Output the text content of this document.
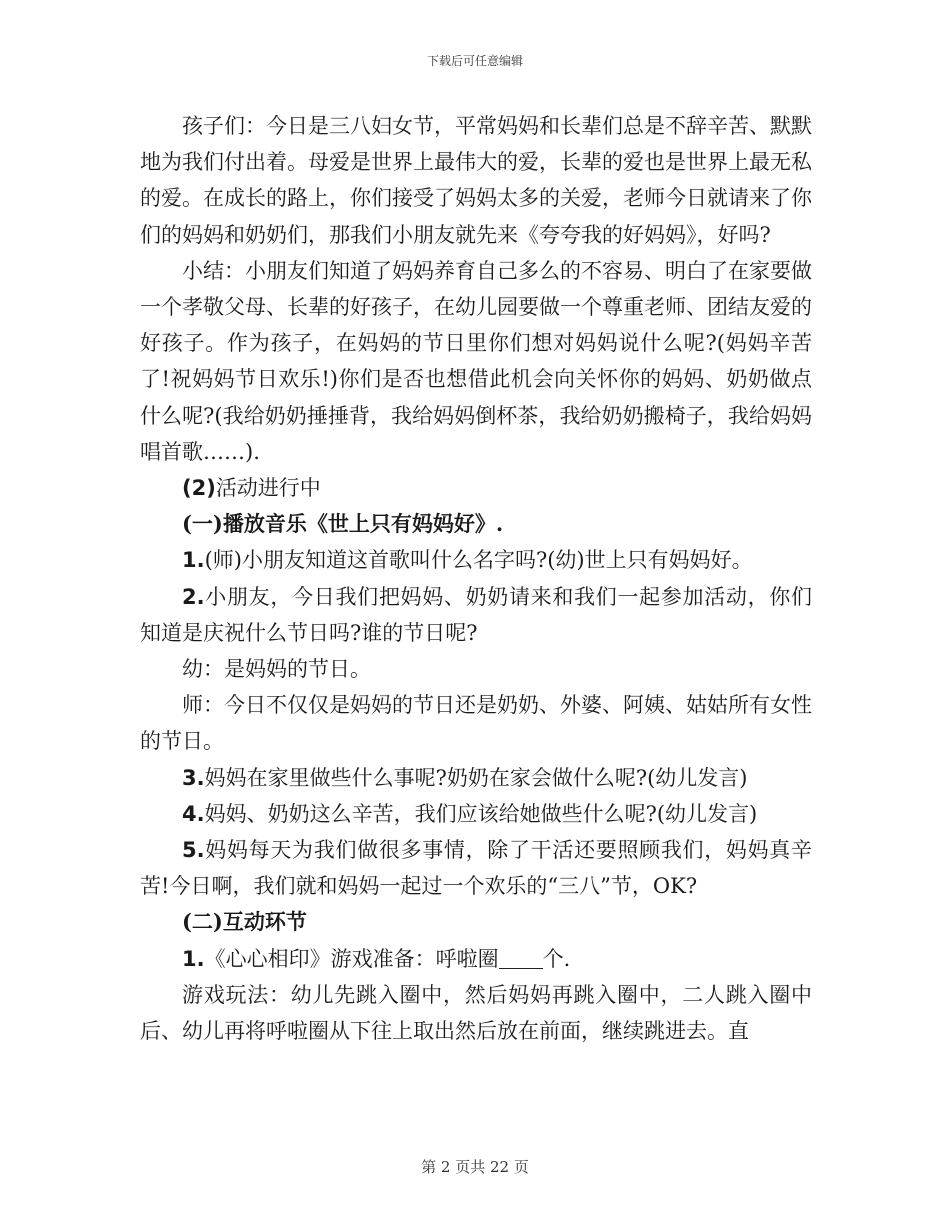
下载后可任意编辑

孩子们：今日是三八妇女节，平常妈妈和长辈们总是不辞辛苦、默默地为我们付出着。母爱是世界上最伟大的爱，长辈的爱也是世界上最无私的爱。在成长的路上，你们接受了妈妈太多的关爱，老师今日就请来了你们的妈妈和奶奶们，那我们小朋友就先来《夸夸我的好妈妈》，好吗?

小结：小朋友们知道了妈妈养育自己多么的不容易、明白了在家要做一个孝敬父母、长辈的好孩子，在幼儿园要做一个尊重老师、团结友爱的好孩子。作为孩子，在妈妈的节日里你们想对妈妈说什么呢?(妈妈辛苦了!祝妈妈节日欢乐!)你们是否也想借此机会向关怀你的妈妈、奶奶做点什么呢?(我给奶奶捶捶背，我给妈妈倒杯茶，我给奶奶搬椅子，我给妈妈唱首歌……).

(2)活动进行中

(一)播放音乐《世上只有妈妈好》.

1.(师)小朋友知道这首歌叫什么名字吗?(幼)世上只有妈妈好。

2.小朋友，今日我们把妈妈、奶奶请来和我们一起参加活动，你们知道是庆祝什么节日吗?谁的节日呢?

幼：是妈妈的节日。

师：今日不仅仅是妈妈的节日还是奶奶、外婆、阿姨、姑姑所有女性的节日。

3.妈妈在家里做些什么事呢?奶奶在家会做什么呢?(幼儿发言)

4.妈妈、奶奶这么辛苦，我们应该给她做些什么呢?(幼儿发言)

5.妈妈每天为我们做很多事情，除了干活还要照顾我们，妈妈真辛苦!今日啊，我们就和妈妈一起过一个欢乐的“三八”节，OK?

(二)互动环节

1.《心心相印》游戏准备：呼啦圈 个.

游戏玩法：幼儿先跳入圈中，然后妈妈再跳入圈中，二人跳入圈中后、幼儿再将呼啦圈从下往上取出然后放在前面，继续跳进去。直

第 2 页共 22 页
